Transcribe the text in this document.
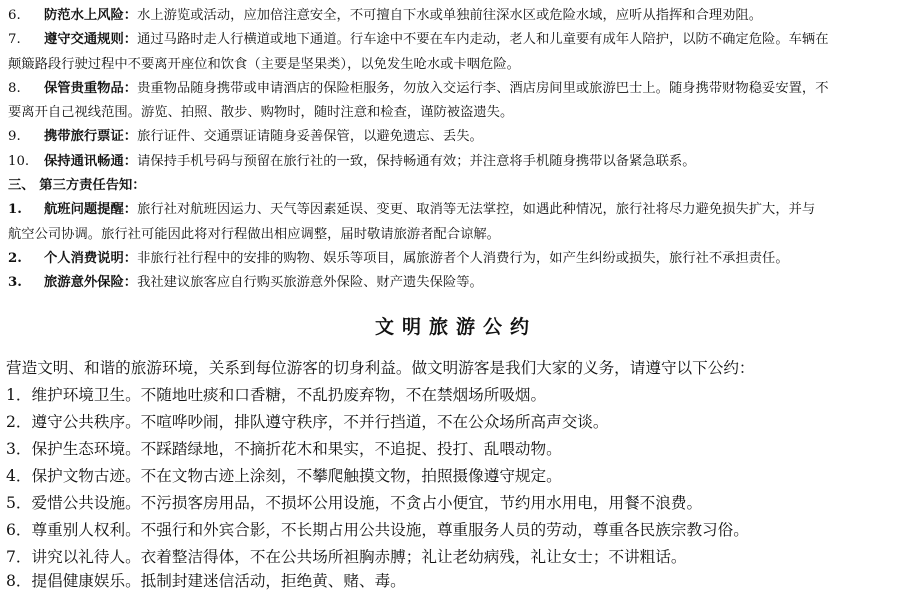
6. 防范水上风险：水上游览或活动，应加倍注意安全，不可擅自下水或单独前往深水区或危险水域，应听从指挥和合理劝阻。
7. 遵守交通规则：通过马路时走人行横道或地下通道。行车途中不要在车内走动，老人和儿童要有成年人陪护，以防不确定危险。车辆在
颠簸路段行驶过程中不要离开座位和饮食（主要是坚果类），以免发生呛水或卡咽危险。
8. 保管贵重物品：贵重物品随身携带或申请酒店的保险柜服务，勿放入交运行李、酒店房间里或旅游巴士上。随身携带财物稳妥安置，不
要离开自己视线范围。游览、拍照、散步、购物时，随时注意和检查，谨防被盗遗失。
9. 携带旅行票证：旅行证件、交通票证请随身妥善保管，以避免遗忘、丢失。
10. 保持通讯畅通：请保持手机号码与预留在旅行社的一致，保持畅通有效；并注意将手机随身携带以备紧急联系。
三、 第三方责任告知：
1. 航班问题提醒：旅行社对航班因运力、天气等因素延误、变更、取消等无法掌控，如遇此种情况，旅行社将尽力避免损失扩大，并与
航空公司协调。旅行社可能因此将对行程做出相应调整，届时敬请旅游者配合谅解。
2. 个人消费说明：非旅行社行程中的安排的购物、娱乐等项目，属旅游者个人消费行为，如产生纠纷或损失，旅行社不承担责任。
3. 旅游意外保险：我社建议旅客应自行购买旅游意外保险、财产遗失保险等。
文明旅游公约
营造文明、和谐的旅游环境，关系到每位游客的切身利益。做文明游客是我们大家的义务，请遵守以下公约：
1．维护环境卫生。不随地吐痰和口香糖，不乱扔废弃物，不在禁烟场所吸烟。
2．遵守公共秩序。不喧哗吵闹，排队遵守秩序，不并行挡道，不在公众场所高声交谈。
3．保护生态环境。不踩踏绿地，不摘折花木和果实，不追捉、投打、乱喂动物。
4．保护文物古迹。不在文物古迹上涂刻，不攀爬触摸文物，拍照摄像遵守规定。
5．爱惜公共设施。不污损客房用品，不损坏公用设施，不贪占小便宜，节约用水用电，用餐不浪费。
6．尊重别人权利。不强行和外宾合影，不长期占用公共设施，尊重服务人员的劳动，尊重各民族宗教习俗。
7．讲究以礼待人。衣着整洁得体，不在公共场所袒胸赤膊；礼让老幼病残，礼让女士；不讲粗话。
8．提倡健康娱乐。抵制封建迷信活动，拒绝黄、赌、毒。
